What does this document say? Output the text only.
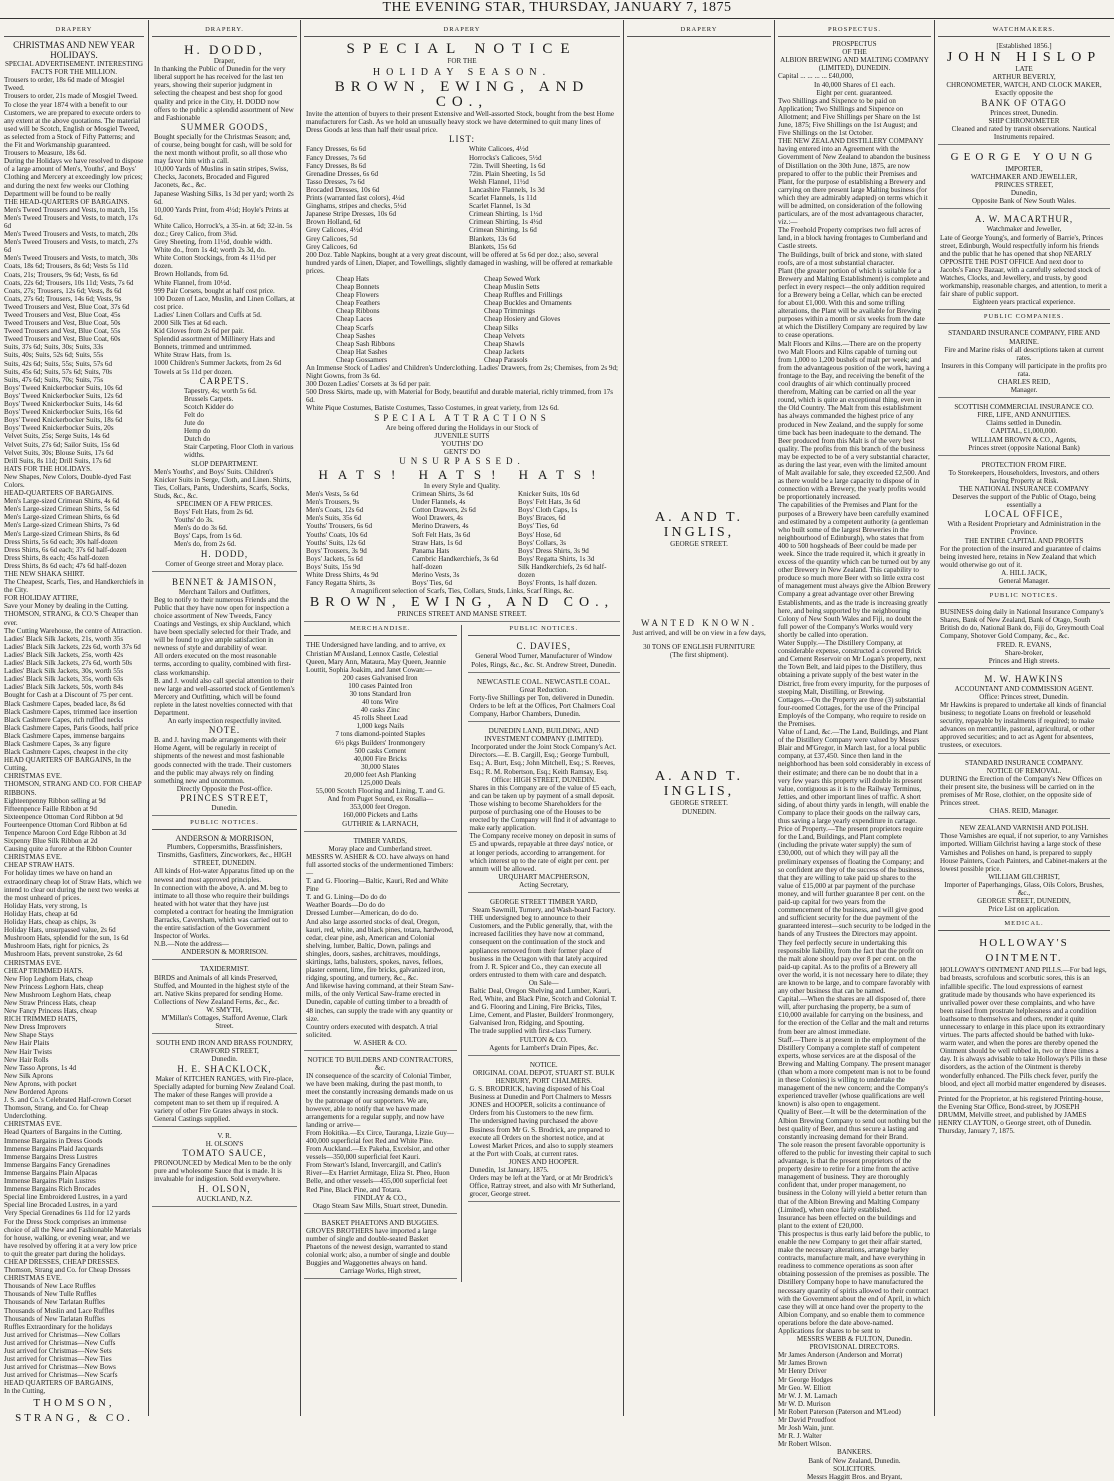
THE EVENING STAR, THURSDAY, JANUARY 7, 1875
DRAPERY
CHRISTMAS AND NEW YEAR HOLIDAYS.
SPECIAL ADVERTISEMENT. INTERESTING FACTS FOR THE MILLION.
Trousers to order, 18s 6d made of Mosgiel Tweed.
Trousers to order, 21s made of Mosgiel Tweed.
To close the year 1874 with a benefit to our Customers, we are prepared to execute orders to any extent at the above quotations. The material used will be Scotch, English or Mosgiel Tweed, as selected from a Stock of Fifty Patterns; and the Fit and Workmanship guaranteed.
Trousers to Measure, 18s 6d.
During the Holidays we have resolved to dispose of a large amount of Men's, Youths', and Boys' Clothing and Mercery at exceedingly low prices; and during the next few weeks our Clothing Department will be found to be really
THE HEAD-QUARTERS OF BARGAINS.
Men's Tweed Trousers and Vests, to match, 15s
Men's Tweed Trousers and Vests, to match, 17s 6d
Men's Tweed Trousers and Vests, to match, 20s
Men's Tweed Trousers and Vests, to match, 27s 6d
Men's Tweed Trousers and Vests, to match, 30s
Coats, 18s 6d; Trousers, 8s 6d; Vests 5s 11d
Coats, 21s; Trousers, 9s 6d; Vests, 6s 6d
Coats, 22s 6d; Trousers, 10s 11d; Vests, 7s 6d
Coats, 27s; Trousers, 12s 6d; Vests, 8s 6d
Coats, 27s 6d; Trousers, 14s 6d; Vests, 9s
Tweed Trousers and Vest, Blue Coat, 37s 6d
Tweed Trousers and Vest, Blue Coat, 45s
Tweed Trousers and Vest, Blue Coat, 50s
Tweed Trousers and Vest, Blue Coat, 55s
Tweed Trousers and Vest, Blue Coat, 60s
Suits, 37s 6d; Suits, 30s; Suits, 33s
Suits, 40s; Suits, 52s 6d; Suits, 55s
Suits, 42s 6d; Suits, 55s; Suits, 57s 6d
Suits, 45s 6d; Suits, 57s 6d; Suits, 70s
Suits, 47s 6d; Suits, 70s; Suits, 75s
Boys' Tweed Knickerbocker Suits, 10s 6d
Boys' Tweed Knickerbocker Suits, 12s 6d
Boys' Tweed Knickerbocker Suits, 14s 6d
Boys' Tweed Knickerbocker Suits, 16s 6d
Boys' Tweed Knickerbocker Suits, 18s 6d
Boys' Tweed Knickerbocker Suits, 20s
Velvet Suits, 25s; Serge Suits, 14s 6d
Velvet Suits, 27s 6d; Sailor Suits, 15s 6d
Velvet Suits, 30s; Blouse Suits, 17s 6d
Drill Suits, 8s 11d; Drill Suits, 17s 6d
HATS FOR THE HOLIDAYS.
New Shapes, New Colors, Double-dyed Fast Colors.
HEAD-QUARTERS OF BARGAINS.
Men's Large-sized Crimean Shirts, 4s 6d
Men's Large-sized Crimean Shirts, 5s 6d
Men's Large-sized Crimean Shirts, 6s 6d
Men's Large-sized Crimean Shirts, 7s 6d
Men's Large-sized Crimean Shirts, 8s 6d
Dress Shirts, 5s 6d each; 30s half-dozen
Dress Shirts, 6s 6d each; 37s 6d half-dozen
Dress Shirts, 8s each; 45s half-dozen
Dress Shirts, 8s 6d each; 47s 6d half-dozen
THE NEW SHAKA SHIRT.
The Cheapest, Scarfs, Ties, and Handkerchiefs in the City.
FOR HOLIDAY ATTIRE,
Save your Money by dealing in the Cutting.
THOMSON, STRANG, & CO.'S Cheaper than ever.
The Cutting Warehouse, the centre of Attraction.
Ladies' Black Silk Jackets, 21s, worth 35s
Ladies' Black Silk Jackets, 22s 6d, worth 37s 6d
Ladies' Black Silk Jackets, 25s, worth 42s
Ladies' Black Silk Jackets, 27s 6d, worth 50s
Ladies' Black Silk Jackets, 30s, worth 55s
Ladies' Black Silk Jackets, 35s, worth 63s
Ladies' Black Silk Jackets, 50s, worth 84s
Bought for Cash at a Discount of 75 per cent.
Black Cashmere Capes, beaded lace, 8s 6d
Black Cashmere Capes, trimmed lace insertion
Black Cashmere Capes, rich ruffled necks
Black Cashmere Capes, Paris Goods, half price
Black Cashmere Capes, immense bargains
Black Cashmere Capes, 3s any figure
Black Cashmere Capes, cheapest in the city
HEAD QUARTERS OF BARGAINS, In the Cutting,
CHRISTMAS EVE.
THOMSON, STRANG AND CO. FOR CHEAP RIBBONS.
Eighteenpenny Ribbon selling at 9d
Fifteenpence Faille Ribbon at 9d
Sixteenpence Ottoman Cord Ribbon at 9d
Fourteenpence Ottoman Cord Ribbon at 6d
Tenpence Maroon Cord Edge Ribbon at 3d
Sixpenny Blue Silk Ribbon at 2d
Causing quite a furore at the Ribbon Counter
CHRISTMAS EVE.
CHEAP STRAW HATS.
For holiday times we have on hand an extraordinary cheap lot of Straw Hats, which we intend to clear out during the next two weeks at the most unheard of prices.
Holiday Hats, very strong, 1s
Holiday Hats, cheap at 6d
Holiday Hats, cheap as chips, 3s
Holiday Hats, unsurpassed value, 2s 6d
Mushroom Hats, splendid for the sun, 1s 6d
Mushroom Hats, right for picnics, 2s
Mushroom Hats, prevent sunstroke, 2s 6d
CHRISTMAS EVE.
CHEAP TRIMMED HATS.
New Flop Leghorn Hats, cheap
New Princess Leghorn Hats, cheap
New Mushroom Leghorn Hats, cheap
New Straw Princess Hats, cheap
New Fancy Princess Hats, cheap
RICH TRIMMED HATS,
New Dress Improvers
New Shape Stays
New Hair Plaits
New Hair Twists
New Hair Rolls
New Tasso Aprons, 1s 4d
New Silk Aprons
New Aprons, with pocket
New Bordered Aprons
J. S. and Co.'s Celebrated Half-crown Corset
Thomson, Strang, and Co. for Cheap Underclothing.
CHRISTMAS EVE.
Head Quarters of Bargains in the Cutting.
Immense Bargains in Dress Goods
Immense Bargains Plaid Jacquards
Immense Bargains Dress Lustres
Immense Bargains Fancy Grenadines
Immense Bargains Plain Alpacas
Immense Bargains Plain Lustres
Immense Bargains Rich Brocades
Special line Embroidered Lustres, in a yard
Special line Brocaded Lustres, in a yard
Very Special Grenadines 6s 11d for 12 yards
For the Dress Stock comprises an immense choice of all the New and Fashionable Materials for house, walking, or evening wear, and we have resolved by offering it at a very low price to quit the greater part during the holidays.
CHEAP DRESSES, CHEAP DRESSES.
Thomson, Strang and Co. for Cheap Dresses
CHRISTMAS EVE.
Thousands of New Lace Ruffles
Thousands of New Tulle Ruffles
Thousands of New Tarlatan Ruffles
Thousands of Muslin and Lace Ruffles
Thousands of New Tarlatan Ruffles
Ruffles Extraordinary for the holidays
Just arrived for Christmas—New Collars
Just arrived for Christmas—New Cuffs
Just arrived for Christmas—New Sets
Just arrived for Christmas—New Ties
Just arrived for Christmas—New Bows
Just arrived for Christmas—New Scarfs
HEAD QUARTERS OF BARGAINS,
In the Cutting,
THOMSON, STRANG, & CO.
DRAPERY.
H. DODD,
Draper,
In thanking the Public of Dunedin for the very liberal support he has received for the last ten years, showing their superior judgment in selecting the cheapest and best shop for good quality and price in the City, H. DODD now offers to the public a splendid assortment of New and Fashionable
SUMMER GOODS,
Bought specially for the Christmas Season; and, of course, being bought for cash, will be sold for the next month without profit, so all those who may favor him with a call.
10,000 Yards of Muslins in satin stripes, Swiss, Checks, Jaconets, Brocaded and Figured Jaconets, &c., &c.
Japanese Washing Silks, 1s 3d per yard; worth 2s 6d.
10,000 Yards Print, from 4½d; Hoyle's Prints at 6d.
White Calico, Horrock's, a 35-in. at 6d; 32-in. 5s doz.; Grey Calico, from 3¾d.
Grey Sheeting, from 11½d, double width.
White do., from 1s 4d; worth 2s 3d, do.
White Cotton Stockings, from 4s 11½d per dozen.
Brown Hollands, from 6d.
White Flannel, from 10½d.
999 Pair Corsets, bought at half cost price.
100 Dozen of Lace, Muslin, and Linen Collars, at cost price.
Ladies' Linen Collars and Cuffs at 5d.
2000 Silk Ties at 6d each.
Kid Gloves from 2s 6d per pair.
Splendid assortment of Millinery Hats and Bonnets, trimmed and untrimmed.
White Straw Hats, from 1s.
1000 Children's Summer Jackets, from 2s 6d
Towels at 5s 11d per dozen.
CARPETS.
Tapestry, 4s; worth 5s 6d.
Brussels Carpets.
Scotch Kidder do
Felt do
Jute do
Hemp do
Dutch do
Stair Carpeting, Floor Cloth in various widths.
SLOP DEPARTMENT.
Men's Youths', and Boys' Suits. Children's Knicker Suits in Serge, Cloth, and Linen. Shirts, Ties, Collars, Pants, Undershirts, Scarfs, Socks, Studs, &c., &c.
SPECIMEN OF A FEW PRICES.
Boys' Felt Hats, from 2s 6d.
Youths' do 3s.
Men's do do 3s 6d.
Boys' Caps, from 1s 6d.
Men's do, from 2s 6d.
H. DODD,
Corner of George street and Moray place.
BENNET & JAMISON,
Merchant Tailors and Outfitters,
Beg to notify to their numerous Friends and the Public that they have now open for inspection a choice assortment of New Tweeds, Fancy Coatings and Vestings, ex ship Auckland, which have been specially selected for their Trade, and will be found to give ample satisfaction in newness of style and durability of wear.
All orders executed on the most reasonable terms, according to quality, combined with first-class workmanship.
B. and J. would also call special attention to their new large and well-assorted stock of Gentlemen's Mercery and Outfitting, which will be found replete in the latest novelties connected with that Department.
An early inspection respectfully invited.
NOTE.
B. and J. having made arrangements with their Home Agent, will be regularly in receipt of shipments of the newest and most fashionable goods connected with the trade. Their customers and the public may always rely on finding something new and uncommon.
Directly Opposite the Post-office.
PRINCES STREET,
Dunedin.
PUBLIC NOTICES.
ANDERSON & MORRISON,
Plumbers, Coppersmiths, Brassfinishers, Tinsmiths, Gasfitters, Zincworkers, &c., HIGH STREET, DUNEDIN.
All kinds of Hot-water Apparatus fitted up on the newest and most approved principles.
In connection with the above, A. and M. beg to intimate to all those who require their buildings heated with hot water that they have just completed a contract for heating the Immigration Barracks, Caversham, which was carried out to the entire satisfaction of the Government Inspector of Works.
N.B.—Note the address—
ANDERSON & MORRISON.
TAXIDERMIST.
BIRDS and Animals of all kinds Preserved, Stuffed, and Mounted in the highest style of the art. Native Skins prepared for sending Home. Collections of New Zealand Ferns, &c., &c.
W. SMYTH,
M'Millan's Cottages, Stafford Avenue, Clark Street.
SOUTH END IRON AND BRASS FOUNDRY,
CRAWFORD STREET,
Dunedin.
H. E. SHACKLOCK,
Maker of KITCHEN RANGES, with Fire-place,
Specially adapted for burning New Zealand Coal.
The maker of these Ranges will provide a competent man to set them up if required. A variety of other Fire Grates always in stock.
General Castings supplied.
V. R.
H. OLSON'S
TOMATO SAUCE,
PRONOUNCED by Medical Men to be the only pure and wholesome Sauce that is made. It is invaluable for indigestion. Sold everywhere.
H. OLSON,
AUCKLAND, N.Z.
DRAPERY
SPECIAL NOTICE
FOR THE
HOLIDAY SEASON.
BROWN, EWING, AND CO.,
Invite the attention of buyers to their present Extensive and Well-assorted Stock, bought from the best Home manufacturers for Cash. As we hold an unusually heavy stock we have determined to quit many lines of Dress Goods at less than half their usual price.
LIST:
Fancy Dresses, 6s 6d
Fancy Dresses, 7s 6d
Fancy Dresses, 8s 6d
Grenadine Dresses, 6s 6d
Tasso Dresses, 7s 6d
Brocaded Dresses, 10s 6d
Prints (warranted fast colors), 4¼d
Ginghams, stripes and checks, 5½d
Japanese Stripe Dresses, 10s 6d
Brown Holland, 6d
Grey Calicoes, 4½d
Grey Calicoes, 5d
Grey Calicoes, 6d
White Calicoes, 4½d
Horrocks's Calicoes, 5½d
72in. Twill Sheeting, 1s 6d
72in. Plain Sheeting, 1s 5d
Welsh Flannel, 11½d
Lancashire Flannels, 1s 3d
Scarlet Flannels, 1s 11d
Scarlet Flannel, 1s 3d
Crimean Shirting, 1s 1½d
Crimean Shirting, 1s 4½d
Crimean Shirting, 1s 6d
Blankets, 13s 6d
Blankets, 15s 6d
200 Doz. Table Napkins, bought at a very great discount, will be offered at 5s 6d per doz.; also, several hundred yards of Linen, Diaper, and Towellings, slightly damaged in washing, will be offered at remarkable prices.
Cheap Hats
Cheap Bonnets
Cheap Flowers
Cheap Feathers
Cheap Ribbons
Cheap Laces
Cheap Scarfs
Cheap Sashes
Cheap Sash Ribbons
Cheap Hat Sashes
Cheap Gossamers
Cheap Sewed Work
Cheap Muslin Setts
Cheap Ruffles and Frillings
Cheap Buckles and Ornaments
Cheap Trimmings
Cheap Hosiery and Gloves
Cheap Silks
Cheap Velvets
Cheap Shawls
Cheap Jackets
Cheap Parasols
An Immense Stock of Ladies' and Children's Underclothing. Ladies' Drawers, from 2s; Chemises, from 2s 9d; Night Gowns, from 3s 6d.
300 Dozen Ladies' Corsets at 3s 6d per pair.
500 Dress Skirts, made up, with Material for Body, beautiful and durable material, richly trimmed, from 17s 6d.
White Pique Costumes, Batiste Costumes, Tasso Costumes, in great variety, from 12s 6d.
SPECIAL ATTRACTIONS
Are being offered during the Holidays in our Stock of
JUVENILE SUITS
YOUTHS' DO
GENTS' DO
UNSURPASSED.
HATS! HATS! HATS!
In every Style and Quality.
Men's Vests, 5s 6d
Men's Trousers, 9s
Men's Coats, 12s 6d
Men's Suits, 35s 6d
Youths' Trousers, 6s 6d
Youths' Coats, 10s 6d
Youths' Suits, 12s 6d
Boys' Trousers, 3s 9d
Boys' Jackets, 5s 6d
Boys' Suits, 15s 9d
White Dress Shirts, 4s 9d
Fancy Regatta Shirts, 3s
Crimean Shirts, 3s 6d
Under Flannels, 4s
Cotton Drawers, 2s 6d
Wool Drawers, 4s
Merino Drawers, 4s
Soft Felt Hats, 3s 6d
Straw Hats, 1s 6d
Panama Hats
Cambric Handkerchiefs, 3s 6d half-dozen
Merino Vests, 3s
Boys' Ties, 6d
Knicker Suits, 10s 6d
Boys' Felt Hats, 3s 6d
Boys' Cloth Caps, 1s
Boys' Braces, 6d
Boys' Ties, 6d
Boys' Hose, 6d
Boys' Collars, 3s
Boys' Dress Shirts, 3s 9d
Boys' Regatta Shirts, 1s 3d
Silk Handkerchiefs, 2s 6d half-dozen
Boys' Fronts, 1s half dozen.
A magnificent selection of Scarfs, Ties, Collars, Studs, Links, Scarf Rings, &c.
BROWN, EWING, AND CO.,
PRINCES STREET AND MANSE STREET.
MERCHANDISE.
THE Undersigned have landing, and to arrive, ex Christian M'Ausland, Lennox Castle, Celestial Queen, Mary Ann, Mataura, May Queen, Jeannie Louttit, Sophia Joakim, and Janet Cowan:—
200 cases Galvanised Iron
100 cases Painted Iron
30 tons Standard Iron
40 tons Wire
40 casks Zinc
45 rolls Sheet Lead
1,000 kegs Nails
7 tons diamond-pointed Staples
6½ pkgs Builders' Ironmongery
500 casks Cement
40,000 Fire Bricks
30,000 Slates
20,000 feet Ash Planking
125,000 Deals
55,000 Scotch Flooring and Lining, T. and G.
And from Puget Sound, ex Rosalia—
353,000 feet Oregon.
160,000 Pickets and Laths
GUTHRIE & LARNACH,
TIMBER YARDS,
Moray place and Cumberland street.
MESSRS W. ASHER & CO. have always on hand full assorted stocks of the undermentioned Timbers:—
T. and G. Flooring—Baltic, Kauri, Red and White Pine
T. and G. Lining—Do do do
Weather Boards—Do do do
Dressed Lumber—American, do do do.
And also large assorted stocks of deal, Oregon, kauri, red, white, and black pines, totara, hardwood, cedar, clear pine, ash, American and Colonial shelving, lumber, Baltic, Down, palings and shingles, doors, sashes, architraves, mouldings, skirtings, laths, balusters, spokes, naves, felloes, plaster cement, lime, fire bricks, galvanized iron, ridging, spouting, and turnery, &c., &c.
And likewise having command, at their Steam Saw-mills, of the only Vertical Saw-frame erected in Dunedin, capable of cutting timber to a breadth of 48 inches, can supply the trade with any quantity or size.
Country orders executed with despatch. A trial solicited.
W. ASHER & CO.
NOTICE TO BUILDERS AND CONTRACTORS, &c.
IN consequence of the scarcity of Colonial Timber, we have been making, during the past month, to meet the constantly increasing demands made on us by the patronage of our supporters. We are, however, able to notify that we have made arrangements for a regular supply, and now have landing or arrive—
From Hokitika.—Ex Circe, Tauranga, Lizzie Guy—400,000 superficial feet Red and White Pine.
From Auckland.—Ex Pakeha, Excelsior, and other vessels—350,000 superficial feet Kauri.
From Stewart's Island, Invercargill, and Catlin's River—Ex Harriet Armitage, Eliza St. Pheo, Huon Belle, and other vessels—455,000 superficial feet Red Pine, Black Pine, and Totara.
FINDLAY & CO.,
Otago Steam Saw Mills, Stuart street, Dunedin.
BASKET PHAETONS AND BUGGIES.
GROVES BROTHERS have imported a large number of single and double-seated Basket Phaetons of the newest design, warranted to stand colonial work; also, a number of single and double Buggies and Waggonettes always on hand.
Carriage Works, High street,
PUBLIC NOTICES.
C. DAVIES,
General Wood Turner, Manufacturer of Window Poles, Rings, &c., &c. St. Andrew Street, Dunedin.
NEWCASTLE COAL. NEWCASTLE COAL.
Great Reduction.
Forty-five Shillings per Ton, delivered in Dunedin.
Orders to be left at the Offices, Port Chalmers Coal Company, Harbor Chambers, Dunedin.
DUNEDIN LAND, BUILDING, AND INVESTMENT COMPANY (LIMITED).
Incorporated under the Joint Stock Company's Act.
Directors.—E. B. Cargill, Esq.; George Turnbull, Esq.; A. Burt, Esq.; John Mitchell, Esq.; S. Reeves, Esq.; R. M. Robertson, Esq.; Keith Ramsay, Esq.
Office: HIGH STREET, DUNEDIN.
Shares in this Company are of the value of £5 each, and can be taken up by payment of a small deposit. Those wishing to become Shareholders for the purpose of purchasing one of the Houses to be erected by the Company will find it of advantage to make early application.
The Company receive money on deposit in sums of £5 and upwards, repayable at three days' notice, or at longer periods, according to arrangement. for which interest up to the rate of eight per cent. per annum will be allowed.
URQUHART MACPHERSON,
Acting Secretary,
GEORGE STREET TIMBER YARD,
Steam Sawmill, Turnery, and Wash-board Factory.
THE undersigned beg to announce to their Customers, and the Public generally, that, with the increased facilities they have now at command, consequent on the continuation of the stock and appliances removed from their former place of business in the Octagon with that lately acquired from J. R. Spicer and Co., they can execute all orders entrusted to them with care and despatch.
On Sale—
Baltic Deal, Oregon Shelving and Lumber, Kauri, Red, White, and Black Pine, Scotch and Colonial T. and G. Flooring and Lining, Fire Bricks, Tiles, Lime, Cement, and Plaster, Builders' Ironmongery, Galvanised Iron, Ridging, and Spouting.
The trade supplied with first-class Turnery.
FULTON & CO.
Agents for Lambert's Drain Pipes, &c.
NOTICE.
ORIGINAL COAL DEPOT, STUART ST. BULK HENBURY, PORT CHALMERS.
G. S. BRODRICK, having disposed of his Coal Business at Dunedin and Port Chalmers to Messrs JONES and HOOPER, solicits a continuance of Orders from his Customers to the new firm.
The undersigned having purchased the above Business from Mr G. S. Brodrick, are prepared to execute all Orders on the shortest notice, and at Lowest Market Prices, and also to supply steamers at the Port with Coals, at current rates.
JONES AND HOOPER.
Dunedin, 1st January, 1875.
Orders may be left at the Yard, or at Mr Brodrick's Office, Rattray street, and also with Mr Sutherland, grocer, George street.
DRAPERY
A. AND T. INGLIS,
GEORGE STREET.
WANTED KNOWN.
Just arrived, and will be on view in a few days,
30 TONS OF ENGLISH FURNITURE
(The first shipment).
A. AND T. INGLIS,
GEORGE STREET.
DUNEDIN.
PROSPECTUS.
PROSPECTUS
OF THE
ALBION BREWING AND MALTING COMPANY (LIMITED), DUNEDIN.
Capital ... ... ... ... £40,000,
In 40,000 Shares of £1 each.
Eight per cent. guaranteed.
Two Shillings and Sixpence to be paid on Application; Two Shillings and Sixpence on Allotment; and Five Shillings per Share on the 1st June, 1875; Five Shillings on the 1st August; and Five Shillings on the 1st October.
THE NEW ZEALAND DISTILLERY COMPANY having entered into an Agreement with the Government of New Zealand to abandon the business of Distillation on the 30th June, 1875, are now prepared to offer to the public their Premises and Plant, for the purpose of establishing a Brewery and carrying on there present large Malting business (for which they are admirably adapted) on terms which it will be admitted, on consideration of the following particulars, are of the most advantageous character, viz.:—
The Freehold Property comprises two full acres of land, in a block having frontages to Cumberland and Castle streets.
The Buildings, built of brick and stone, with slated roofs, are of a most substantial character.
Plant (the greater portion of which is suitable for a Brewery and Malting Establishment) is complete and perfect in every respect—the only addition required for a Brewery being a Cellar, which can be erected for about £1,000. With this and some trifling alterations, the Plant will be available for Brewing purposes within a month or six weeks from the date at which the Distillery Company are required by law to cease operations.
Malt Floors and Kilns.—There are on the property two Malt Floors and Kilns capable of turning out from 1,000 to 1,200 bushels of malt per week; and from the advantageous position of the work, having a frontage to the Bay, and receiving the benefit of the cool draughts of air which continually proceed therefrom, Malting can be carried on all the year round, which is quite an exceptional thing, even in the Old Country. The Malt from this establishment has always commanded the highest price of any produced in New Zealand, and the supply for some time back has been inadequate to the demand. The Beer produced from this Malt is of the very best quality. The profits from this branch of the business may be expected to be of a very substantial character, as during the last year, even with the limited amount of Malt available for sale, they exceeded £2,500. And as there would be a large capacity to dispose of in connection with a Brewery, the yearly profits would be proportionately increased.
The capabilities of the Premises and Plant for the purposes of a Brewery have been carefully examined and estimated by a competent authority (a gentleman who built some of the largest Breweries in the neighbourhood of Edinburgh), who states that from 400 to 500 hogsheads of Beer could be made per week. Since the trade required it, which it greatly in excess of the quantity which can be turned out by any other Brewery in New Zealand. This capability to produce so much more Beer with so little extra cost of management must always give the Albion Brewery Company a great advantage over other Brewing Establishments, and as the trade is increasing greatly here, and being supported by the neighbouring Colony of New South Wales and Fiji, no doubt the full power of the Company's Works would very shortly be called into operation.
Water Supply.—The Distillery Company, at considerable expense, constructed a covered Brick and Cement Reservoir on Mr Logan's property, next the Town Belt, and laid pipes to the Distillery, thus obtaining a private supply of the best water in the District, free from every impurity, for the purposes of steeping Malt, Distilling, or Brewing.
Cottages.—On the Property are three (3) substantial four-roomed Cottages, for the use of the Principal Employés of the Company, who require to reside on the Premises.
Value of Land, &c.—The Land, Buildings, and Plant of the Distillery Company were valued by Messrs Blair and M'Gregor, in March last, for a local public company, at £37,450. Since then land in the neighborhood has been sold considerably in excess of their estimate; and there can be no doubt that in a very few years this property will double its present value, contiguous as it is to the Railway Terminus, Jetties, and other important lines of traffic. A short siding, of about thirty yards in length, will enable the Company to place their goods on the railway cars, thus saving a large yearly expenditure in cartage.
Price of Property.—The present proprietors require for the Land, Buildings, and Plant complete (including the private water supply) the sum of £30,000, out of which they will pay all the preliminary expenses of floating the Company; and so confident are they of the success of the business, that they are willing to take paid up shares to the value of £15,000 at par payment of the purchase money, and will further guarantee 8 per cent. on the paid-up capital for two years from the commencement of the business, and will give good and sufficient security for the due payment of the guaranteed interest—such security to be lodged in the hands of any Trustees the Directors may appoint. They feel perfectly secure in undertaking this responsible liability, from the fact that the profit on the malt alone should pay over 8 per cent. on the paid-up capital. As to the profits of a Brewery all over the world, it is not necessary here to dilate; they are known to be large, and to compare favorably with any other business that can be named.
Capital.—When the shares are all disposed of, there will, after purchasing the property, be a sum of £10,000 available for carrying on the business, and for the erection of the Cellar and the malt and returns from beer are almost immediate.
Staff.—There is at present in the employment of the Distillery Company a complete staff of competent experts, whose services are at the disposal of the Brewing and Malting Company. The present manager (than whom a more competent man is not to be found in these Colonies) is willing to undertake the management of the new concern; and the Company's experienced traveller (whose qualifications are well known) is also open to engagement.
Quality of Beer.—It will be the determination of the Albion Brewing Company to send out nothing but the best quality of Beer, and thus secure a lasting and constantly increasing demand for their Brand.
The sole reason the present favorable opportunity is offered to the public for investing their capital to such advantage, is that the present proprietors of the property desire to retire for a time from the active management of business. They are thoroughly confident that, under proper management, no business in the Colony will yield a better return than that of the Albion Brewing and Malting Company (Limited), when once fairly established.
Insurance has been effected on the buildings and plant to the extent of £20,000.
This prospectus is thus early laid before the public, to enable the new Company to get their affair started, make the necessary alterations, arrange barley contracts, manufacture malt, and have everything in readiness to commence operations as soon after obtaining possession of the premises as possible. The Distillery Company hope to have manufactured the necessary quantity of spirits allowed to their contract with the Government about the end of April, in which case they will at once hand over the property to the Albion Company, and so enable them to commence operations before the date above-named.
Applications for shares to be sent to
MESSRS WEBB & FULTON, Dunedin.
PROVISIONAL DIRECTORS.
Mr James Anderson (Anderson and Morrat)
Mr James Brown
Mr Henry Driver
Mr George Hodges
Mr Geo. W. Elliott
Mr W. J. M. Larnach
Mr W. D. Murison
Mr Robert Paterson (Paterson and M'Leod)
Mr David Proudfoot
Mr Josh Wain, junr.
Mr R. J. Walter
Mr Robert Wilson.
BANKERS.
Bank of New Zealand, Dunedin.
SOLICITORS.
Messrs Haggitt Bros. and Bryant,
WATCHMAKERS.
[Established 1856.]
JOHN HISLOP
LATE
ARTHUR BEVERLY,
CHRONOMETER, WATCH, AND CLOCK MAKER,
Exactly opposite the
BANK OF OTAGO
Princes street, Dunedin.
SHIP CHRONOMETER
Cleaned and rated by transit observations. Nautical Instruments repaired.
GEORGE YOUNG
IMPORTER,
WATCHMAKER AND JEWELLER,
PRINCES STREET,
Dunedin,
Opposite Bank of New South Wales.
A. W. MACARTHUR,
Watchmaker and Jeweller,
Late of George Young's, and formerly of Barrie's, Princes street, Edinburgh, Would respectfully inform his friends and the public that he has opened that shop NEARLY OPPOSITE THE POST OFFICE And next door to Jacobs's Fancy Bazaar, with a carefully selected stock of Watches, Clocks, and Jewellery, and trusts, by good workmanship, reasonable charges, and attention, to merit a fair share of public support.
Eighteen years practical experience.
PUBLIC COMPANIES.
STANDARD INSURANCE COMPANY, FIRE AND MARINE.
Fire and Marine risks of all descriptions taken at current rates.
Insurers in this Company will participate in the profits pro rata.
CHARLES REID,
Manager.
SCOTTISH COMMERCIAL INSURANCE CO.
FIRE, LIFE, AND ANNUITIES.
Claims settled in Dunedin.
CAPITAL, £1,000,000.
WILLIAM BROWN & CO., Agents,
Princes street (opposite National Bank)
PROTECTION FROM FIRE.
To Storekeepers, Householders, Investors, and others having Property at Risk.
THE NATIONAL INSURANCE COMPANY
Deserves the support of the Public of Otago, being essentially a
LOCAL OFFICE,
With a Resident Proprietary and Administration in the Province.
THE ENTIRE CAPITAL AND PROFITS
For the protection of the insured and guarantee of claims being invested here, retains in New Zealand that which would otherwise go out of it.
A. HILL JACK,
General Manager.
PUBLIC NOTICES.
BUSINESS doing daily in National Insurance Company's Shares, Bank of New Zealand, Bank of Otago, South British do do, National Bank do, Fiji do, Greymouth Coal Company, Shotover Gold Company, &c., &c.
FRED. R. EVANS,
Share-broker,
Princes and High streets.
M. W. HAWKINS
ACCOUNTANT AND COMMISSION AGENT.
Office: Princes street, Dunedin.
Mr Hawkins is prepared to undertake all kinds of financial business; to negotiate Loans on freehold or leasehold security, repayable by instalments if required; to make advances on mercantile, pastoral, agricultural, or other approved securities; and to act as Agent for absentees, trustees, or executors.
STANDARD INSURANCE COMPANY.
NOTICE OF REMOVAL.
DURING the Erection of the Company's New Offices on their present site, the business will be carried on in the premises of Mr Rose, clothier, on the opposite side of Princes street.
CHAS. REID, Manager.
NEW ZEALAND VARNISH AND POLISH.
Those Varnishes are equal, if not superior, to any Varnishes imported. William Gilchrist having a large stock of these Varnishes and Polishes on hand, is prepared to supply House Painters, Coach Painters, and Cabinet-makers at the lowest possible price.
WILLIAM GILCHRIST,
Importer of Paperhangings, Glass, Oils Colors, Brushes, &c.,
GEORGE STREET, DUNEDIN,
Price List on application.
MEDICAL.
HOLLOWAY'S OINTMENT.
HOLLOWAY'S OINTMENT AND PILLS.—For bad legs, bad breasts, scrofulous and scorbutic sores, this is an infallible specific. The loud expressions of earnest gratitude made by thousands who have experienced its unrivalled power over these complaints, and who have been raised from prostrate helplessness and a condition loathsome to themselves and others, render it quite unnecessary to enlarge in this place upon its extraordinary virtues. The parts affected should be bathed with luke-warm water, and when the pores are thereby opened the Ointment should be well rubbed in, two or three times a day. It is always advisable to take Holloway's Pills in these disorders, as the action of the Ointment is thereby wonderfully enhanced. The Pills check fever, purify the blood, and eject all morbid matter engendered by diseases.
Printed for the Proprietor, at his registered Printing-house, the Evening Star Office, Bond-street, by JOSEPH DRUMM, Melville street, and published by JAMES HENRY CLAYTON, o George street, oth of Dunedin. Thursday, January 7, 1875.
